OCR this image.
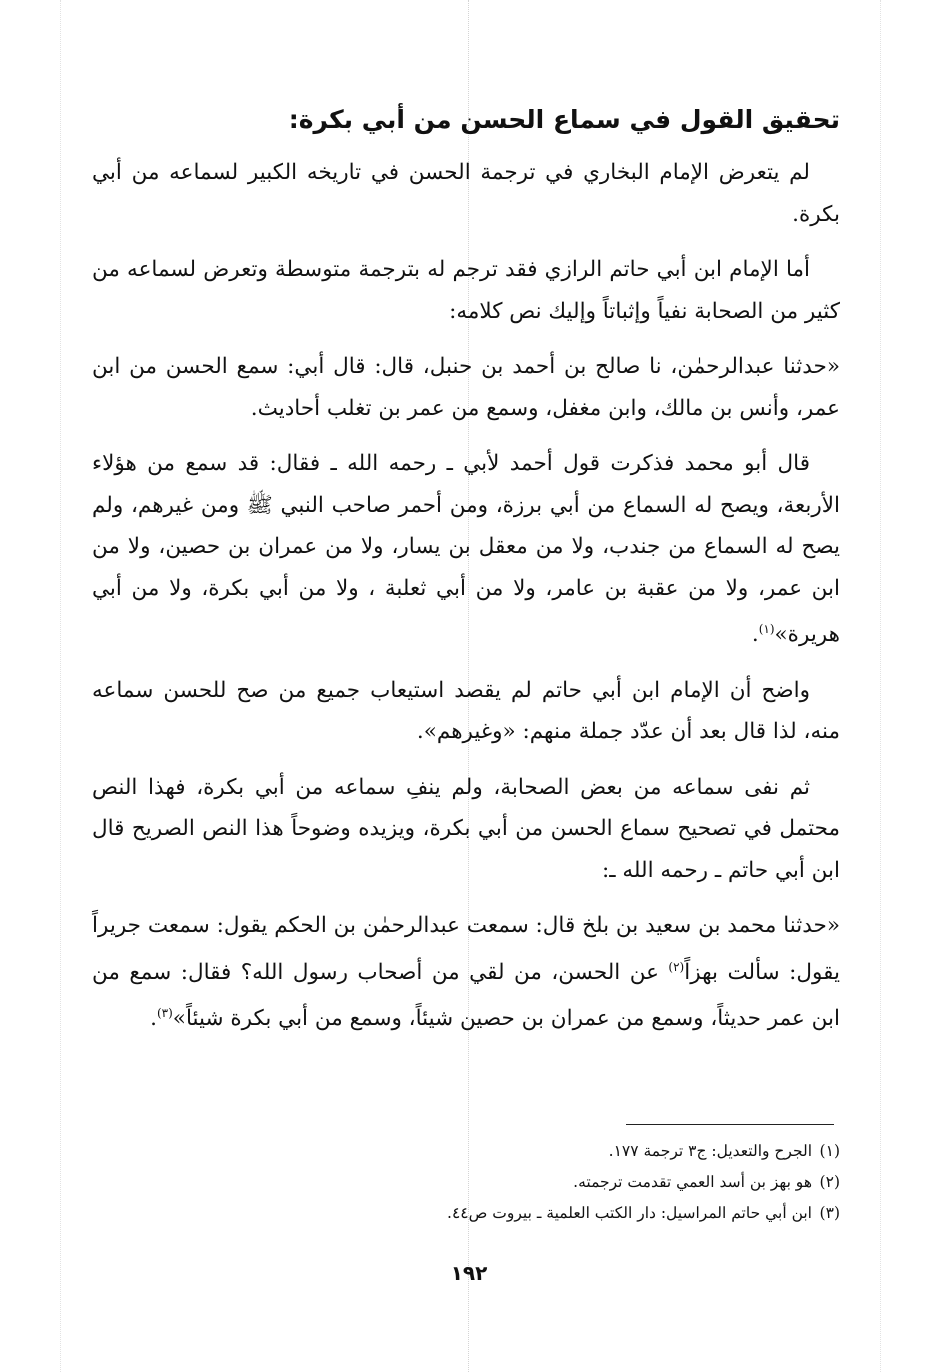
تحقيق القول في سماع الحسن من أبي بكرة:

لم يتعرض الإمام البخاري في ترجمة الحسن في تاريخه الكبير لسماعه من أبي بكرة.

أما الإمام ابن أبي حاتم الرازي فقد ترجم له بترجمة متوسطة وتعرض لسماعه من كثير من الصحابة نفياً وإثباتاً وإليك نص كلامه:

«حدثنا عبدالرحمٰن، نا صالح بن أحمد بن حنبل، قال: قال أبي: سمع الحسن من ابن عمر، وأنس بن مالك، وابن مغفل، وسمع من عمر بن تغلب أحاديث.

قال أبو محمد فذكرت قول أحمد لأبي ـ رحمه الله ـ فقال: قد سمع من هؤلاء الأربعة، ويصح له السماع من أبي برزة، ومن أحمر صاحب النبي ﷺ ومن غيرهم، ولم يصح له السماع من جندب، ولا من معقل بن يسار، ولا من عمران بن حصين، ولا من ابن عمر، ولا من عقبة بن عامر، ولا من أبي ثعلبة ، ولا من أبي بكرة، ولا من أبي هريرة»$^{(١)}$.

واضح أن الإمام ابن أبي حاتم لم يقصد استيعاب جميع من صح للحسن سماعه منه، لذا قال بعد أن عدّد جملة منهم: «وغيرهم».

ثم نفى سماعه من بعض الصحابة، ولم ينفِ سماعه من أبي بكرة، فهذا النص محتمل في تصحيح سماع الحسن من أبي بكرة، ويزيده وضوحاً هذا النص الصريح قال ابن أبي حاتم ـ رحمه الله ـ:

«حدثنا محمد بن سعيد بن بلخ قال: سمعت عبدالرحمٰن بن الحكم يقول: سمعت جريراً يقول: سألت بهزاً$^{(٢)}$ عن الحسن، من لقي من أصحاب رسول الله؟ فقال: سمع من ابن عمر حديثاً، وسمع من عمران بن حصين شيئاً، وسمع من أبي بكرة شيئاً»$^{(٣)}$.

(١)الجرح والتعديل: ج٣ ترجمة ١٧٧.
(٢)هو بهز بن أسد العمي تقدمت ترجمته.
(٣)ابن أبي حاتم المراسيل: دار الكتب العلمية ـ بيروت ص٤٤.
١٩٢
